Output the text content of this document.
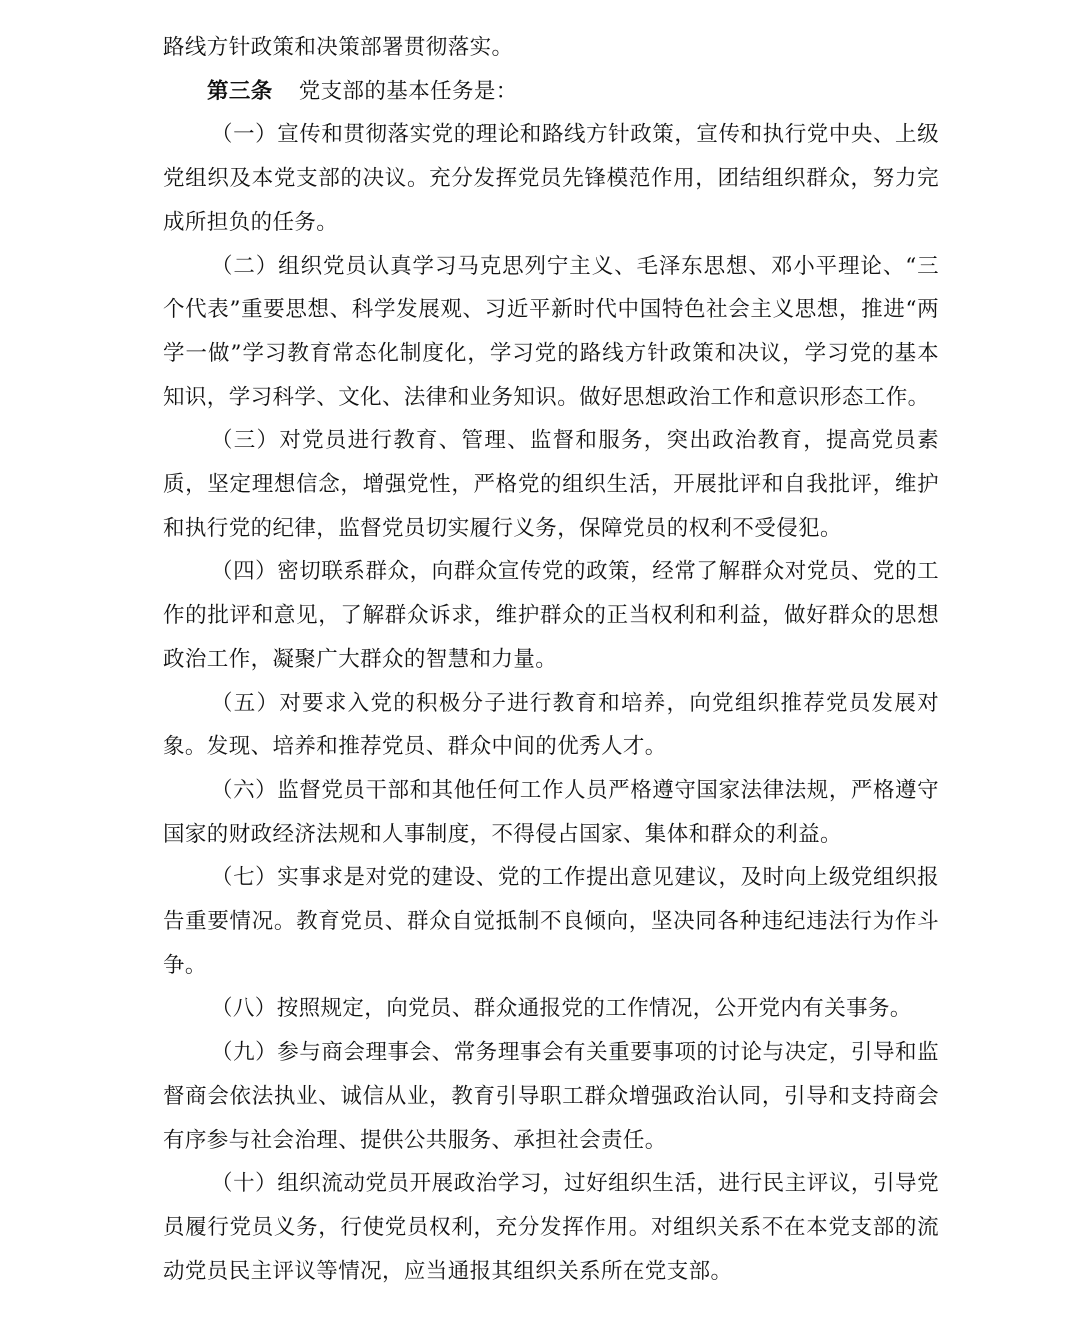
路线方针政策和决策部署贯彻落实。

第三条 党支部的基本任务是：

（一）宣传和贯彻落实党的理论和路线方针政策，宣传和执行党中央、上级党组织及本党支部的决议。充分发挥党员先锋模范作用，团结组织群众，努力完成所担负的任务。

（二）组织党员认真学习马克思列宁主义、毛泽东思想、邓小平理论、“三个代表”重要思想、科学发展观、习近平新时代中国特色社会主义思想，推进“两学一做”学习教育常态化制度化，学习党的路线方针政策和决议，学习党的基本知识，学习科学、文化、法律和业务知识。做好思想政治工作和意识形态工作。

（三）对党员进行教育、管理、监督和服务，突出政治教育，提高党员素质，坚定理想信念，增强党性，严格党的组织生活，开展批评和自我批评，维护和执行党的纪律，监督党员切实履行义务，保障党员的权利不受侵犯。

（四）密切联系群众，向群众宣传党的政策，经常了解群众对党员、党的工作的批评和意见，了解群众诉求，维护群众的正当权利和利益，做好群众的思想政治工作，凝聚广大群众的智慧和力量。

（五）对要求入党的积极分子进行教育和培养，向党组织推荐党员发展对象。发现、培养和推荐党员、群众中间的优秀人才。

（六）监督党员干部和其他任何工作人员严格遵守国家法律法规，严格遵守国家的财政经济法规和人事制度，不得侵占国家、集体和群众的利益。

（七）实事求是对党的建设、党的工作提出意见建议，及时向上级党组织报告重要情况。教育党员、群众自觉抵制不良倾向，坚决同各种违纪违法行为作斗争。

（八）按照规定，向党员、群众通报党的工作情况，公开党内有关事务。

（九）参与商会理事会、常务理事会有关重要事项的讨论与决定，引导和监督商会依法执业、诚信从业，教育引导职工群众增强政治认同，引导和支持商会有序参与社会治理、提供公共服务、承担社会责任。

（十）组织流动党员开展政治学习，过好组织生活，进行民主评议，引导党员履行党员义务，行使党员权利，充分发挥作用。对组织关系不在本党支部的流动党员民主评议等情况，应当通报其组织关系所在党支部。
